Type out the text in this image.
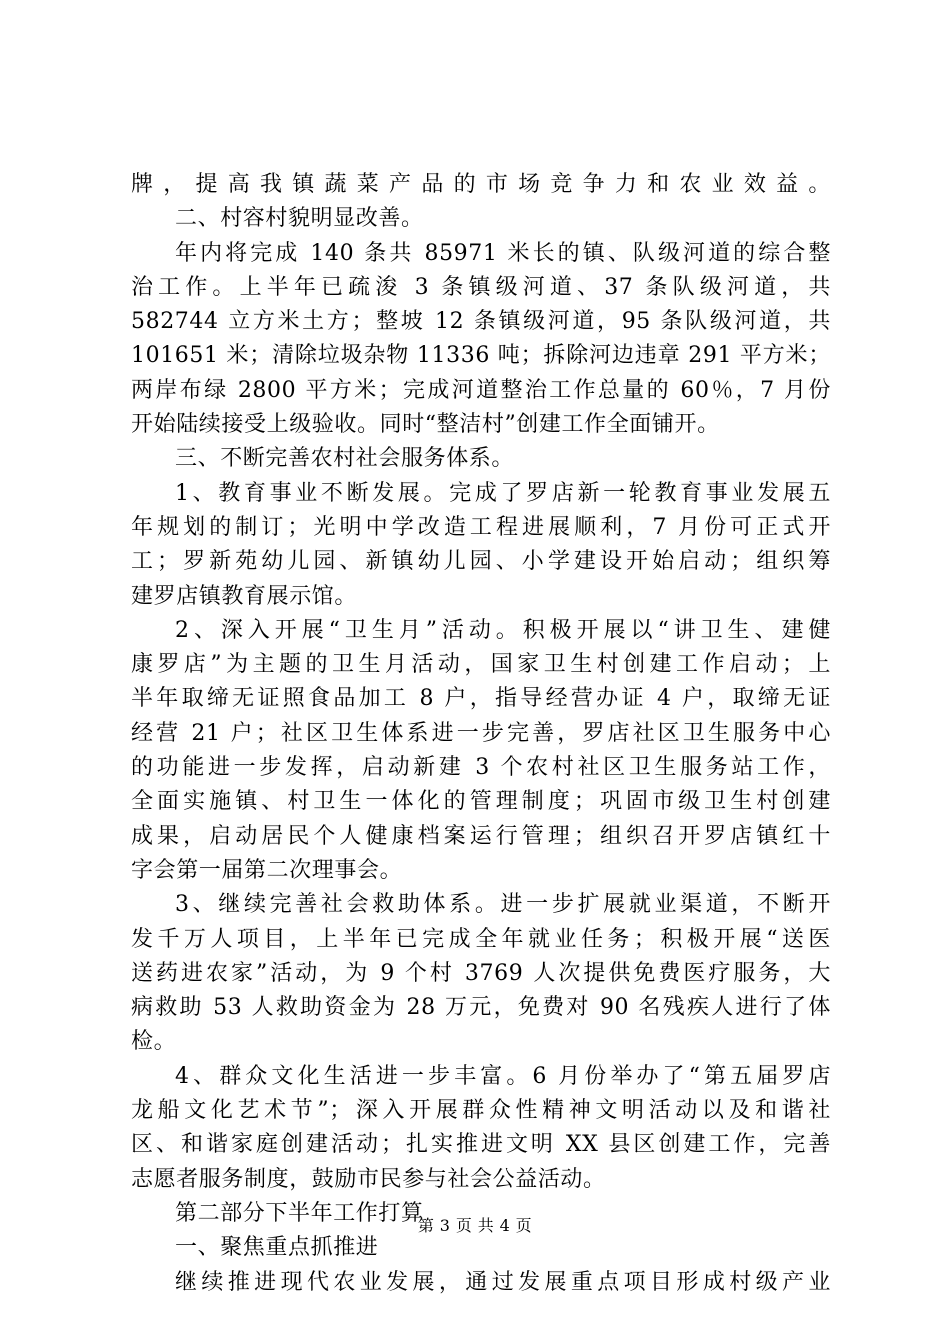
牌，提高我镇蔬菜产品的市场竞争力和农业效益。
二、村容村貌明显改善。
年内将完成 140 条共 85971 米长的镇、队级河道的综合整
治工作。上半年已疏浚 3 条镇级河道、37 条队级河道，共
582744 立方米土方；整坡 12 条镇级河道，95 条队级河道，共
101651 米；清除垃圾杂物 11336 吨；拆除河边违章 291 平方米；
两岸布绿 2800 平方米；完成河道整治工作总量的 60％，7 月份
开始陆续接受上级验收。同时“整洁村”创建工作全面铺开。
三、不断完善农村社会服务体系。
1、教育事业不断发展。完成了罗店新一轮教育事业发展五
年规划的制订；光明中学改造工程进展顺利，7 月份可正式开
工；罗新苑幼儿园、新镇幼儿园、小学建设开始启动；组织筹
建罗店镇教育展示馆。
2、深入开展“卫生月”活动。积极开展以“讲卫生、建健
康罗店”为主题的卫生月活动，国家卫生村创建工作启动；上
半年取缔无证照食品加工 8 户，指导经营办证 4 户，取缔无证
经营 21 户；社区卫生体系进一步完善，罗店社区卫生服务中心
的功能进一步发挥，启动新建 3 个农村社区卫生服务站工作，
全面实施镇、村卫生一体化的管理制度；巩固市级卫生村创建
成果，启动居民个人健康档案运行管理；组织召开罗店镇红十
字会第一届第二次理事会。
3、继续完善社会救助体系。进一步扩展就业渠道，不断开
发千万人项目，上半年已完成全年就业任务；积极开展“送医
送药进农家”活动，为 9 个村 3769 人次提供免费医疗服务，大
病救助 53 人救助资金为 28 万元，免费对 90 名残疾人进行了体
检。
4、群众文化生活进一步丰富。6 月份举办了“第五届罗店
龙船文化艺术节”；深入开展群众性精神文明活动以及和谐社
区、和谐家庭创建活动；扎实推进文明 XX 县区创建工作，完善
志愿者服务制度，鼓励市民参与社会公益活动。
第二部分下半年工作打算
一、聚焦重点抓推进
继续推进现代农业发展，通过发展重点项目形成村级产业
第 3 页 共 4 页
